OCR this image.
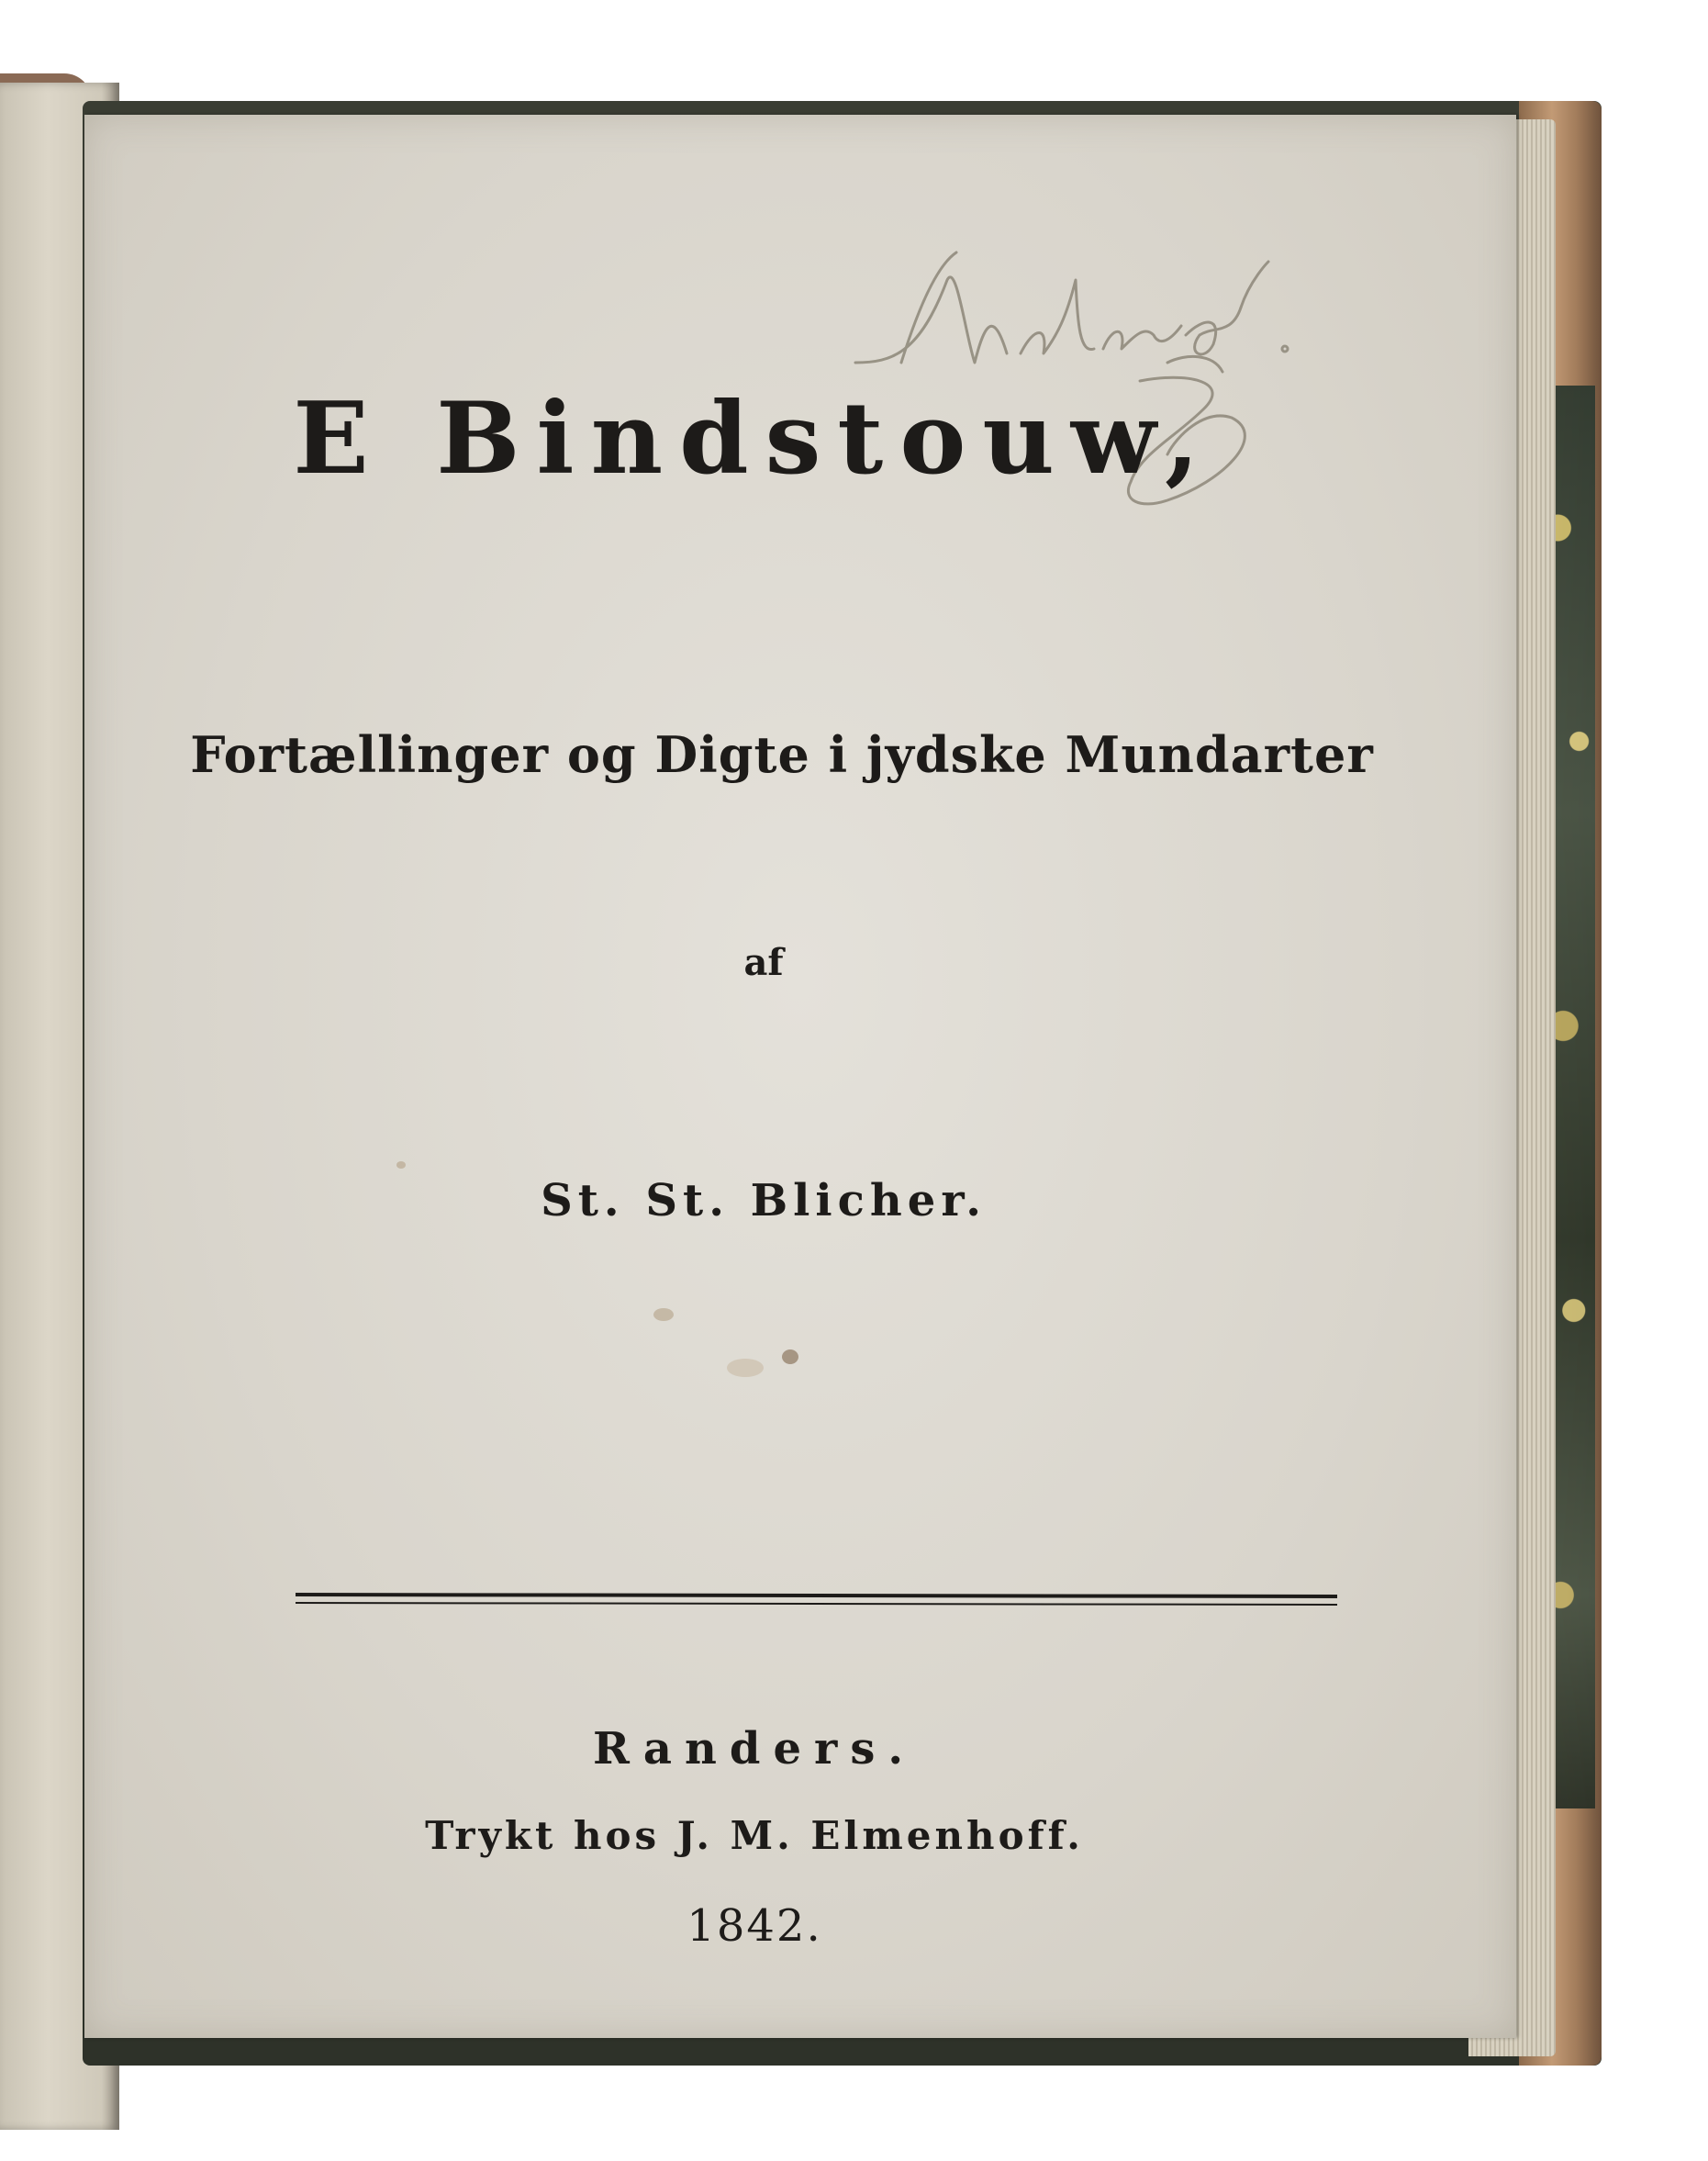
E Bindstouw,
Fortællinger og Digte i jydske Mundarter
af
St. St. Blicher.
Randers.
Trykt hos J. M. Elmenhoff.
1842.
